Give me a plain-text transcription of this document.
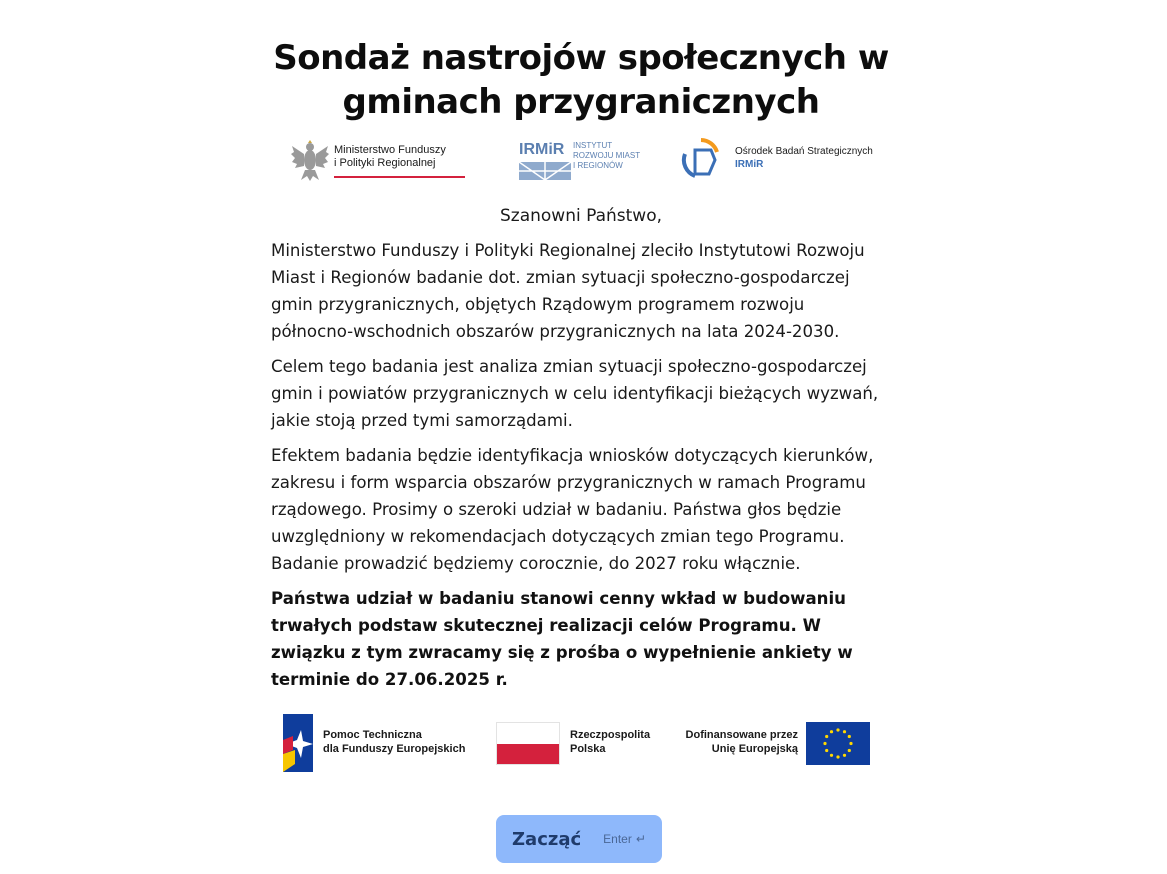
Sondaż nastrojów społecznych w gminach przygranicznych
Ministerstwo Funduszy
i Polityki Regionalnej
IRMiR INSTYTUT
ROZWOJU MIAST
I REGIONÓW
Ośrodek Badań Strategicznych
IRMiR
Szanowni Państwo,

Ministerstwo Funduszy i Polityki Regionalnej zleciło Instytutowi Rozwoju Miast i Regionów badanie dot. zmian sytuacji społeczno-gospodarczej gmin przygranicznych, objętych Rządowym programem rozwoju północno-wschodnich obszarów przygranicznych na lata 2024-2030.

Celem tego badania jest analiza zmian sytuacji społeczno-gospodarczej gmin i powiatów przygranicznych w celu identyfikacji bieżących wyzwań, jakie stoją przed tymi samorządami.

Efektem badania będzie identyfikacja wniosków dotyczących kierunków, zakresu i form wsparcia obszarów przygranicznych w ramach Programu rządowego. Prosimy o szeroki udział w badaniu. Państwa głos będzie uwzględniony w rekomendacjach dotyczących zmian tego Programu. Badanie prowadzić będziemy corocznie, do 2027 roku włącznie.

Państwa udział w badaniu stanowi cenny wkład w budowaniu trwałych podstaw skutecznej realizacji celów Programu. W związku z tym zwracamy się z prośba o wypełnienie ankiety w terminie do 27.06.2025 r.

Pomoc Techniczna
dla Funduszy Europejskich
Rzeczpospolita
Polska
Dofinansowane przez
Unię Europejską
Zacząć Enter ↵
